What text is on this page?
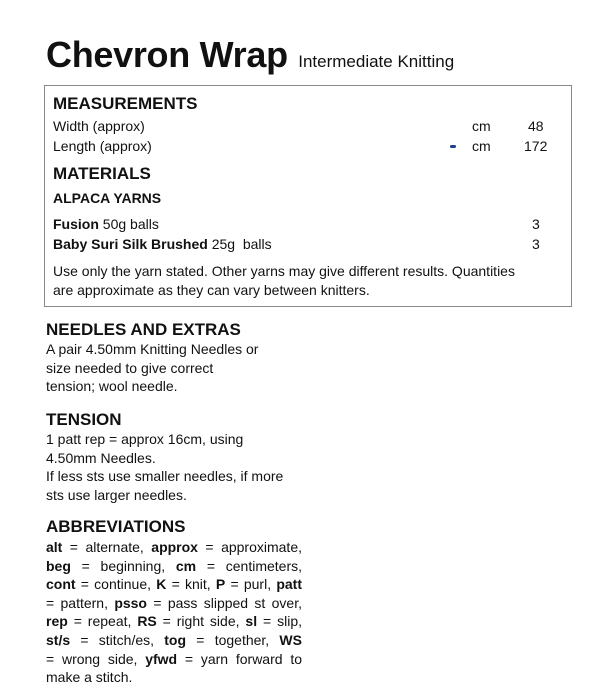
Chevron Wrap Intermediate Knitting
MEASUREMENTS
Width (approx)	cm	48
Length (approx)	cm 172
MATERIALS
ALPACA YARNS
Fusion 50g balls	3
Baby Suri Silk Brushed 25g  balls	3
Use only the yarn stated. Other yarns may give different results. Quantities
are approximate as they can vary between knitters.
NEEDLES AND EXTRAS
A pair 4.50mm Knitting Needles or
size needed to give correct
tension; wool needle.
TENSION
1 patt rep = approx 16cm, using
4.50mm Needles.
If less sts use smaller needles, if more
sts use larger needles.
ABBREVIATIONS
alt = alternate, approx = approximate,
beg = beginning, cm = centimeters,
cont = continue, K = knit, P = purl, patt
= pattern, psso = pass slipped st over,
rep = repeat, RS = right side, sl = slip,
st/s = stitch/es, tog = together, WS
= wrong side, yfwd = yarn forward to
make a stitch.
